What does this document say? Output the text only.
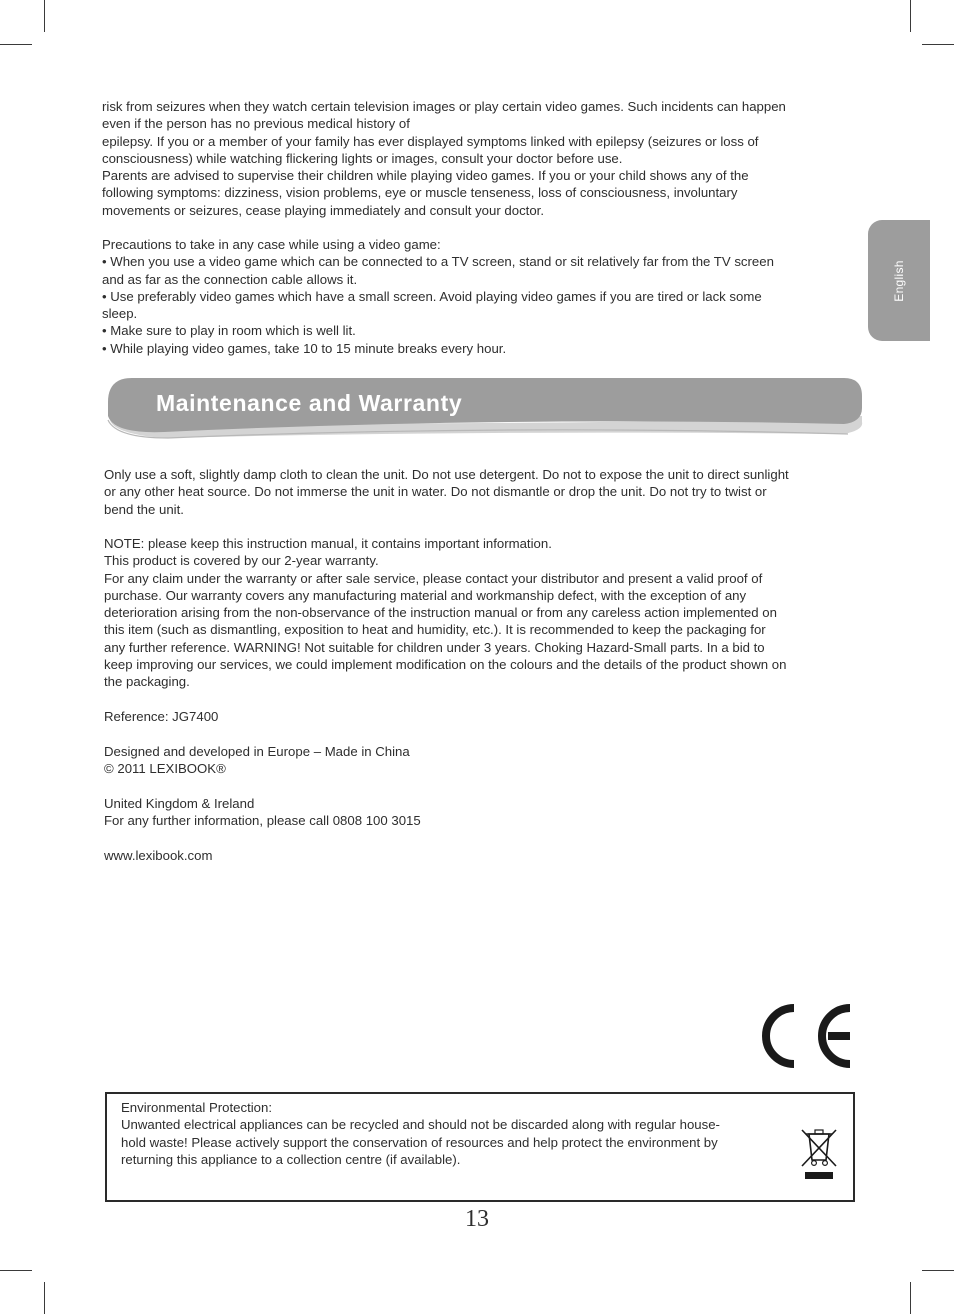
English

risk from seizures when they watch certain television images or play certain video games. Such incidents can happen

even if the person has no previous medical history of

epilepsy. If you or a member of your family has ever displayed symptoms linked with epilepsy (seizures or loss of

consciousness) while watching flickering lights or images, consult your doctor before use.

Parents are advised to supervise their children while playing video games. If you or your child shows any of the

following symptoms: dizziness, vision problems, eye or muscle tenseness, loss of consciousness, involuntary

movements or seizures, cease playing immediately and consult your doctor.

Precautions to take in any case while using a video game:

• When you use a video game which can be connected to a TV screen, stand or sit relatively far from the TV screen

and as far as the connection cable allows it.

• Use preferably video games which have a small screen. Avoid playing video games if you are tired or lack some

sleep.

• Make sure to play in room which is well lit.

• While playing video games, take 10 to 15 minute breaks every hour.

Maintenance and Warranty

Only use a soft, slightly damp cloth to clean the unit. Do not use detergent. Do not to expose the unit to direct sunlight

or any other heat source. Do not immerse the unit in water. Do not dismantle or drop the unit. Do not try to twist or

bend the unit.

NOTE: please keep this instruction manual, it contains important information.

This product is covered by our 2-year warranty.

For any claim under the warranty or after sale service, please contact your distributor and present a valid proof of

purchase. Our warranty covers any manufacturing material and workmanship defect, with the exception of any

deterioration arising from the non-observance of the instruction manual or from any careless action implemented on

this item (such as dismantling, exposition to heat and humidity, etc.). It is recommended to keep the packaging for

any further reference. WARNING! Not suitable for children under 3 years. Choking Hazard-Small parts. In a bid to

keep improving our services, we could implement modification on the colours and the details of the product shown on

the packaging.

Reference: JG7400

Designed and developed in Europe – Made in China

© 2011 LEXIBOOK®

United Kingdom & Ireland

For any further information, please call 0808 100 3015

www.lexibook.com

Environmental Protection:

Unwanted electrical appliances can be recycled and should not be discarded along with regular house-

hold waste! Please actively support the conservation of resources and help protect the environment by

returning this appliance to a collection centre (if available).

13
